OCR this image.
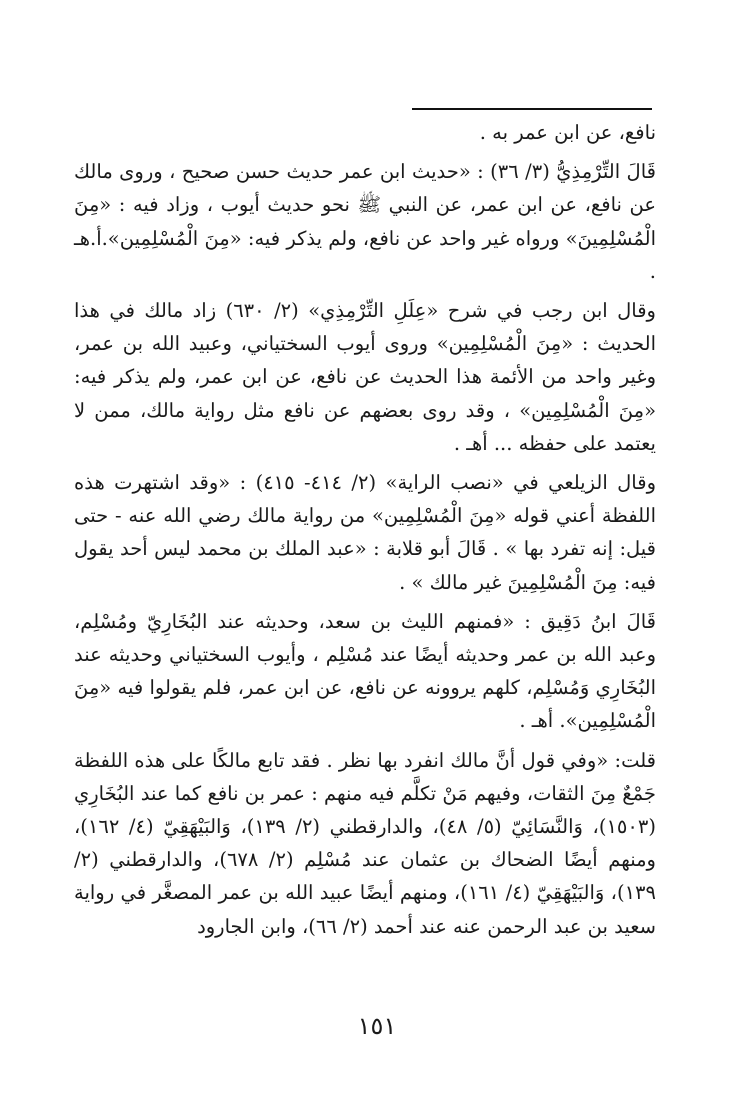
نافع، عن ابن عمر به .

قَالَ التِّرْمِذِيُّ (٣/ ٣٦) : «حديث ابن عمر حديث حسن صحيح ، وروى مالك عن نافع، عن ابن عمر، عن النبي ﷺ نحو حديث أيوب ، وزاد فيه : «مِنَ الْمُسْلِمِينَ» ورواه غير واحد عن نافع، ولم يذكر فيه: «مِنَ الْمُسْلِمِين».أ.هـ .

وقال ابن رجب في شرح «عِلَلِ التِّرْمِذِي» (٢/ ٦٣٠) زاد مالك في هذا الحديث : «مِنَ الْمُسْلِمِين» وروى أيوب السختياني، وعبيد الله بن عمر، وغير واحد من الأئمة هذا الحديث عن نافع، عن ابن عمر، ولم يذكر فيه: «مِنَ الْمُسْلِمِين» ، وقد روى بعضهم عن نافع مثل رواية مالك، ممن لا يعتمد على حفظه ... أهـ .

وقال الزيلعي في «نصب الراية» (٢/ ٤١٤- ٤١٥) : «وقد اشتهرت هذه اللفظة أعني قوله «مِنَ الْمُسْلِمِين» من رواية مالك رضي الله عنه - حتى قيل: إنه تفرد بها » . قَالَ أبو قلابة : «عبد الملك بن محمد ليس أحد يقول فيه: مِنَ الْمُسْلِمِينَ غير مالك » .

قَالَ ابنُ دَقِيق : «فمنهم الليث بن سعد، وحديثه عند البُخَارِيّ ومُسْلِم، وعبد الله بن عمر وحديثه أيضًا عند مُسْلِم ، وأيوب السختياني وحديثه عند البُخَارِي وَمُسْلِم، كلهم يروونه عن نافع، عن ابن عمر، فلم يقولوا فيه «مِنَ الْمُسْلِمِين». أهـ .

قلت: «وفي قول أنَّ مالك انفرد بها نظر . فقد تابع مالكًا على هذه اللفظة جَمْعٌ مِنَ الثقات، وفيهم مَنْ تكلَّم فيه منهم : عمر بن نافع كما عند البُخَارِي (١٥٠٣)، وَالنَّسَائِيّ (٥/ ٤٨)، والدارقطني (٢/ ١٣٩)، وَالبَيْهَقِيّ (٤/ ١٦٢)، ومنهم أيضًا الضحاك بن عثمان عند مُسْلِم (٢/ ٦٧٨)، والدارقطني (٢/ ١٣٩)، وَالبَيْهَقِيّ (٤/ ١٦١)، ومنهم أيضًا عبيد الله بن عمر المصغَّر في رواية سعيد بن عبد الرحمن عنه عند أحمد (٢/ ٦٦)، وابن الجارود

١٥١
